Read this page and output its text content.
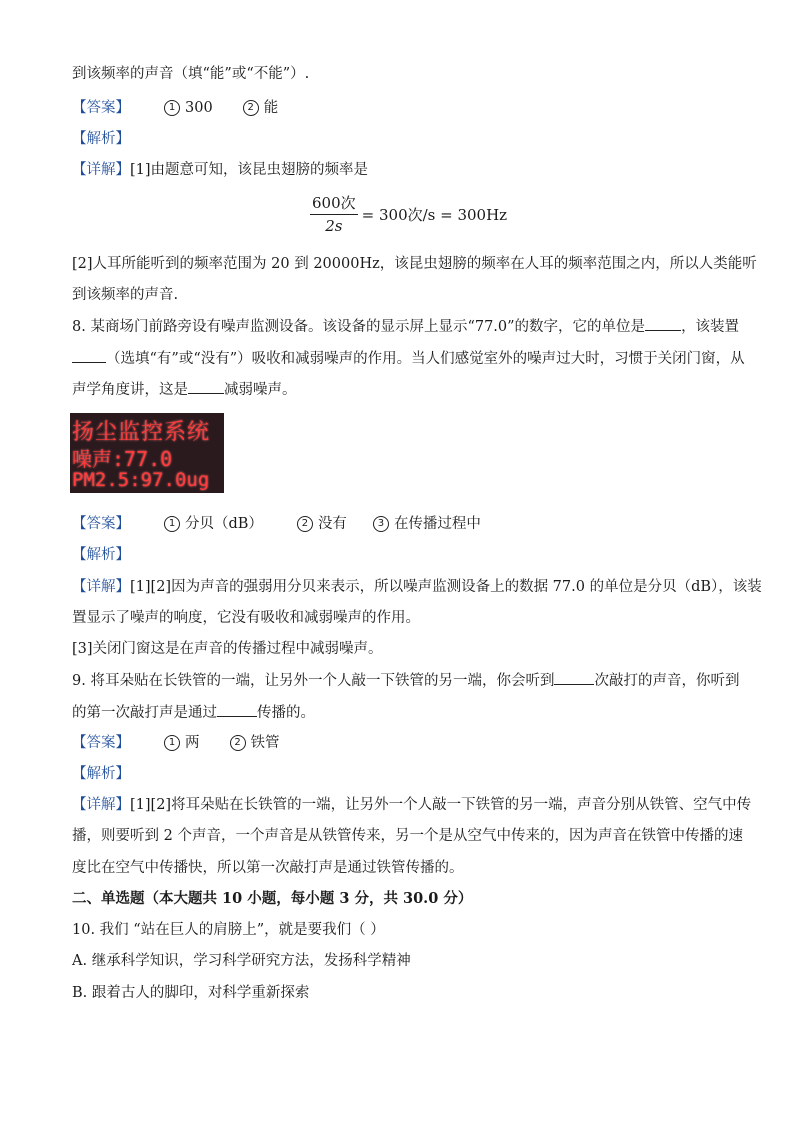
到该频率的声音（填“能”或“不能”）.
【答案】	1 300	2 能
【解析】
【详解】[1]由题意可知，该昆虫翅膀的频率是
$\frac{\text{600次}}{2s} = 300$次/s = 300Hz
[2]人耳所能听到的频率范围为 20 到 20000Hz，该昆虫翅膀的频率在人耳的频率范围之内，所以人类能听
到该频率的声音.
8. 某商场门前路旁设有噪声监测设备。该设备的显示屏上显示“77.0”的数字，它的单位是 ，该装置
（选填“有”或“没有”）吸收和减弱噪声的作用。当人们感觉室外的噪声过大时，习惯于关闭门窗，从
声学角度讲，这是 减弱噪声。
扬尘监控系统
噪声:77.0
PM2.5:97.0ug
【答案】	1 分贝（dB）	2 没有	3 在传播过程中
【解析】
【详解】[1][2]因为声音的强弱用分贝来表示，所以噪声监测设备上的数据 77.0 的单位是分贝（dB），该装
置显示了噪声的响度，它没有吸收和减弱噪声的作用。
[3]关闭门窗这是在声音的传播过程中减弱噪声。
9. 将耳朵贴在长铁管的一端，让另外一个人敲一下铁管的另一端，你会听到	次敲打的声音，你听到
的第一次敲打声是通过	传播的。
【答案】	1 两	2 铁管
【解析】
【详解】[1][2]将耳朵贴在长铁管的一端，让另外一个人敲一下铁管的另一端，声音分别从铁管、空气中传
播，则要听到 2 个声音，一个声音是从铁管传来，另一个是从空气中传来的，因为声音在铁管中传播的速
度比在空气中传播快，所以第一次敲打声是通过铁管传播的。
二、单选题（本大题共 10 小题，每小题 3 分，共 30.0 分）
10. 我们 “站在巨人的肩膀上”，就是要我们（ ）
A. 继承科学知识，学习科学研究方法，发扬科学精神
B. 跟着古人的脚印，对科学重新探索
